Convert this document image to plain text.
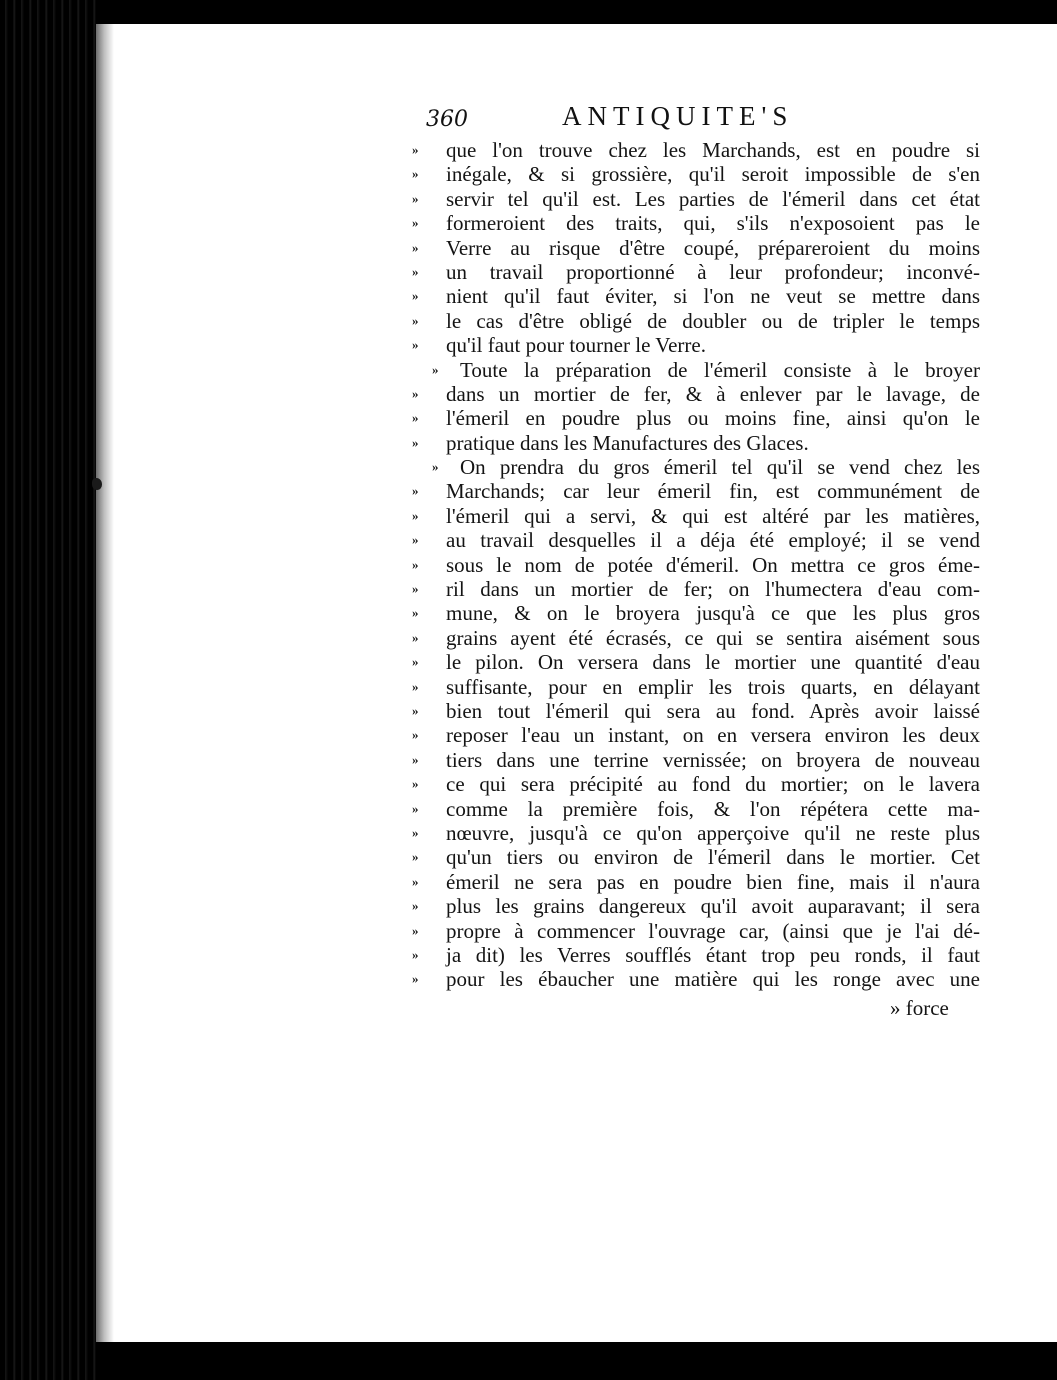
360	ANTIQUITE'S
»	que l'on trouve chez les Marchands, est en poudre si
»	inégale, & si grossière, qu'il seroit impossible de s'en
»	servir tel qu'il est. Les parties de l'émeril dans cet état
»	formeroient des traits, qui, s'ils n'exposoient pas le
»	Verre au risque d'être coupé, prépareroient du moins
»	un travail proportionné à leur profondeur; inconvé-
»	nient qu'il faut éviter, si l'on ne veut se mettre dans
»	le cas d'être obligé de doubler ou de tripler le temps
»	qu'il faut pour tourner le Verre.
»	Toute la préparation de l'émeril consiste à le broyer
»	dans un mortier de fer, & à enlever par le lavage, de
»	l'émeril en poudre plus ou moins fine, ainsi qu'on le
»	pratique dans les Manufactures des Glaces.
»	On prendra du gros émeril tel qu'il se vend chez les
»	Marchands; car leur émeril fin, est communément de
»	l'émeril qui a servi, & qui est altéré par les matières,
»	au travail desquelles il a déja été employé; il se vend
»	sous le nom de potée d'émeril. On mettra ce gros éme-
»	ril dans un mortier de fer; on l'humectera d'eau com-
»	mune, & on le broyera jusqu'à ce que les plus gros
»	grains ayent été écrasés, ce qui se sentira aisément sous
»	le pilon. On versera dans le mortier une quantité d'eau
»	suffisante, pour en emplir les trois quarts, en délayant
»	bien tout l'émeril qui sera au fond. Après avoir laissé
»	reposer l'eau un instant, on en versera environ les deux
»	tiers dans une terrine vernissée; on broyera de nouveau
»	ce qui sera précipité au fond du mortier; on le lavera
»	comme la première fois, & l'on répétera cette ma-
»	nœuvre, jusqu'à ce qu'on apperçoive qu'il ne reste plus
»	qu'un tiers ou environ de l'émeril dans le mortier. Cet
»	émeril ne sera pas en poudre bien fine, mais il n'aura
»	plus les grains dangereux qu'il avoit auparavant; il sera
»	propre à commencer l'ouvrage car, (ainsi que je l'ai dé-
»	ja dit) les Verres soufflés étant trop peu ronds, il faut
»	pour les ébaucher une matière qui les ronge avec une
» force
